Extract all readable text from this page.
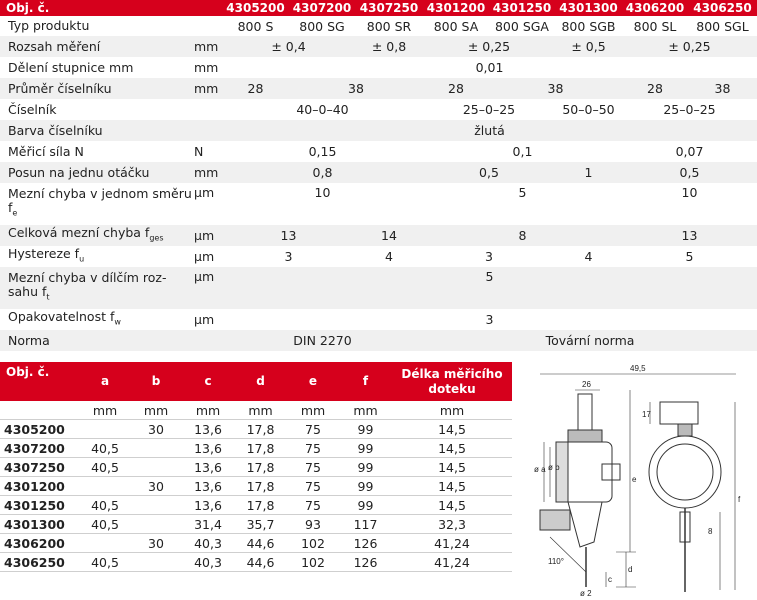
Obj. č.		4305200	4307200	4307250	4301200	4301250	4301300	4306200	4306250
Typ produktu		800 S	800 SG	800 SR	800 SA	800 SGA	800 SGB	800 SL	800 SGL
Rozsah měření	mm	± 0,4		± 0,8	± 0,25		± 0,5	± 0,25	
Dělení stupnice mm	mm	0,01							
Průměr číselníku	mm	28	38		28	38		28	38
Číselník		40–0–40			25–0–25		50–0–50	25–0–25	
Barva číselníku		žlutá							
Měřicí síla N	N	0,15			0,1			0,07	
Posun na jednu otáčku	mm	0,8			0,5		1	0,5	
Mezní chyba v jednom směru $f_e$	µm	10			5			10	
Celková mezní chyba $f_{ges}$	µm	13		14	8			13	
Hystereze $f_u$	µm	3		4	3		4	5	
Mezní chyba v dílčím roz-sahu $f_t$	µm	5							
Opakovatelnost $f_w$	µm	3							
Norma		DIN 2270			Tovární norma				
Obj. č.	a	b	c	d	e	f	Délka měřicího doteku
	mm	mm	mm	mm	mm	mm	mm
4305200		30	13,6	17,8	75	99	14,5
4307200	40,5		13,6	17,8	75	99	14,5
4307250	40,5		13,6	17,8	75	99	14,5
4301200		30	13,6	17,8	75	99	14,5
4301250	40,5		13,6	17,8	75	99	14,5
4301300	40,5		31,4	35,7	93	117	32,3
4306200		30	40,3	44,6	102	126	41,24
4306250	40,5		40,3	44,6	102	126	41,24
49,5
26
17
8
ø 2
110°
ø a ø b
c
d
e
f
